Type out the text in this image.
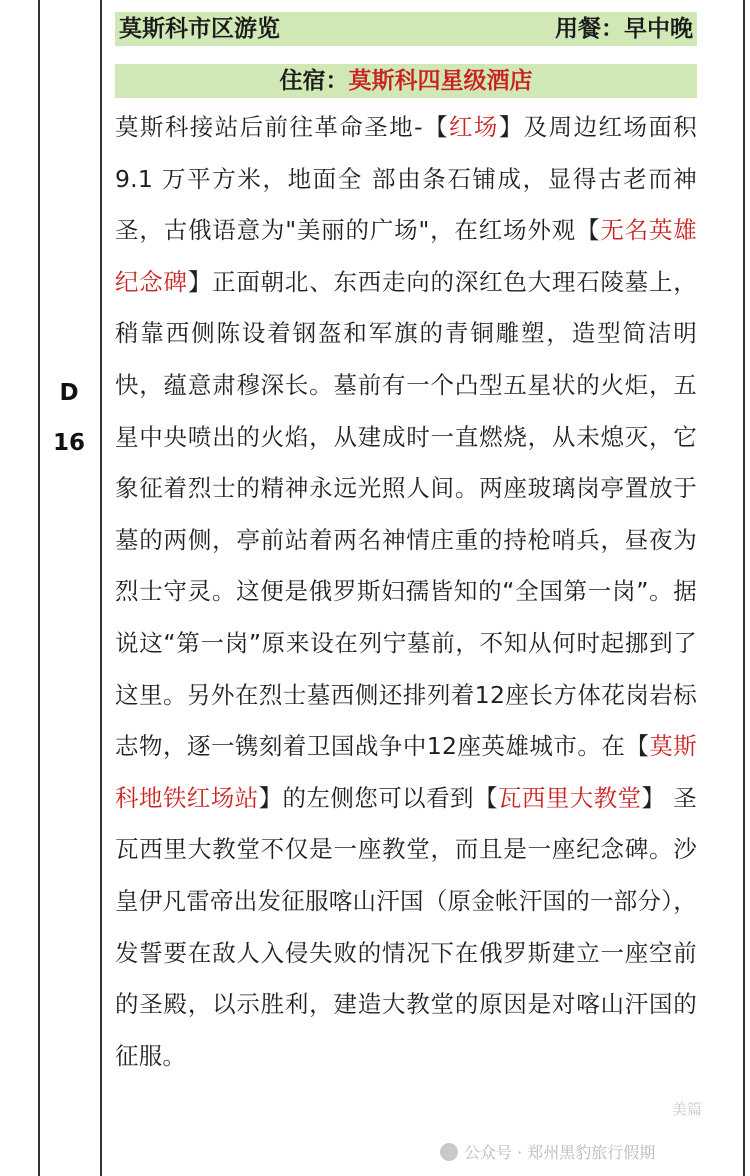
D
16
莫斯科市区游览	用餐：早中晚
住宿：莫斯科四星级酒店
莫斯科接站后前往革命圣地-【红场】及周边红场面积 9.1 万平方米，地面全 部由条石铺成，显得古老而神圣，古俄语意为"美丽的广场"，在红场外观【无名英雄纪念碑】正面朝北、东西走向的深红色大理石陵墓上，稍靠西侧陈设着钢盔和军旗的青铜雕塑，造型简洁明快，蕴意肃穆深长。墓前有一个凸型五星状的火炬，五星中央喷出的火焰，从建成时一直燃烧，从未熄灭，它象征着烈士的精神永远光照人间。两座玻璃岗亭置放于墓的两侧，亭前站着两名神情庄重的持枪哨兵，昼夜为烈士守灵。这便是俄罗斯妇孺皆知的“全国第一岗”。据说这“第一岗”原来设在列宁墓前，不知从何时起挪到了这里。另外在烈士墓西侧还排列着12座长方体花岗岩标志物，逐一镌刻着卫国战争中12座英雄城市。在【莫斯科地铁红场站】的左侧您可以看到【瓦西里大教堂】 圣瓦西里大教堂不仅是一座教堂，而且是一座纪念碑。沙皇伊凡雷帝出发征服喀山汗国（原金帐汗国的一部分），发誓要在敌人入侵失败的情况下在俄罗斯建立一座空前的圣殿，以示胜利，建造大教堂的原因是对喀山汗国的征服。
公众号 · 郑州黑豹旅行假期
美篇
